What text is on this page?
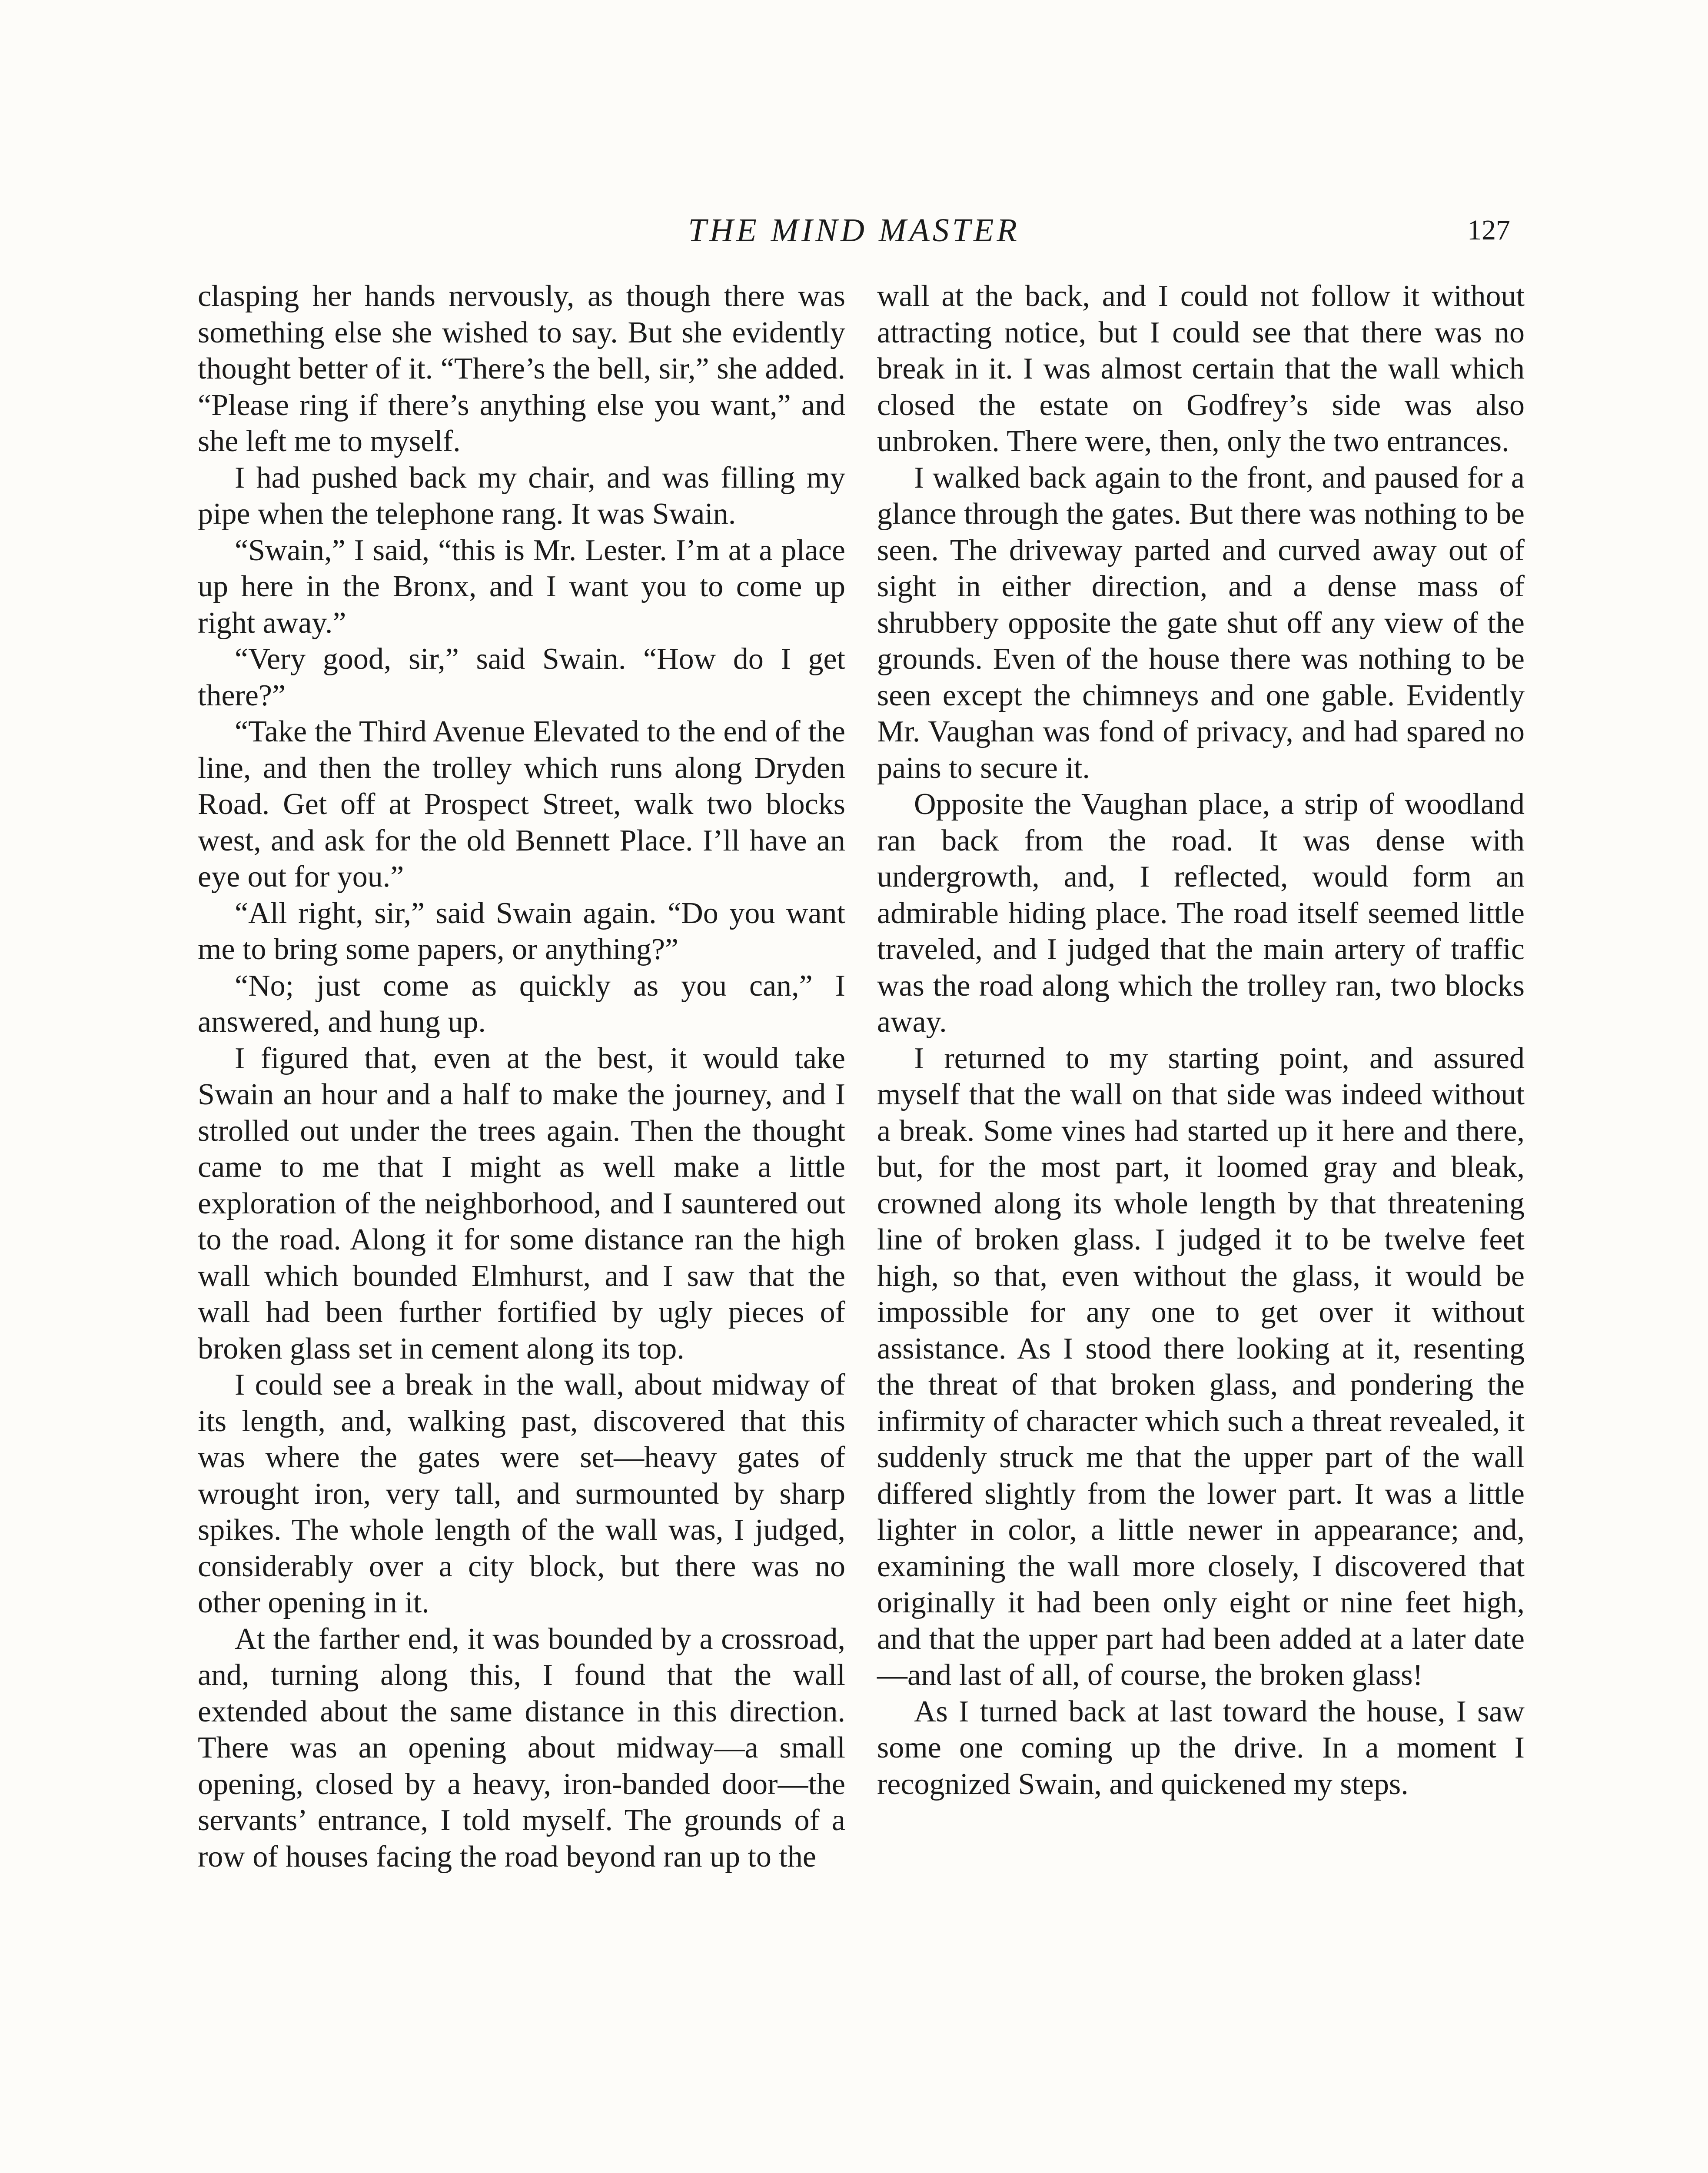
THE MIND MASTER	127

clasping her hands nervously, as though there was something else she wished to say. But she evidently thought better of it. “There’s the bell, sir,” she added. “Please ring if there’s anything else you want,” and she left me to myself.

I had pushed back my chair, and was filling my pipe when the telephone rang. It was Swain.

“Swain,” I said, “this is Mr. Lester. I’m at a place up here in the Bronx, and I want you to come up right away.”

“Very good, sir,” said Swain. “How do I get there?”

“Take the Third Avenue Elevated to the end of the line, and then the trolley which runs along Dryden Road. Get off at Prospect Street, walk two blocks west, and ask for the old Bennett Place. I’ll have an eye out for you.”

“All right, sir,” said Swain again. “Do you want me to bring some papers, or anything?”

“No; just come as quickly as you can,” I answered, and hung up.

I figured that, even at the best, it would take Swain an hour and a half to make the journey, and I strolled out under the trees again. Then the thought came to me that I might as well make a little exploration of the neighborhood, and I sauntered out to the road. Along it for some distance ran the high wall which bounded Elmhurst, and I saw that the wall had been further fortified by ugly pieces of broken glass set in cement along its top.

I could see a break in the wall, about midway of its length, and, walking past, discovered that this was where the gates were set—heavy gates of wrought iron, very tall, and surmounted by sharp spikes. The whole length of the wall was, I judged, considerably over a city block, but there was no other opening in it.

At the farther end, it was bounded by a crossroad, and, turning along this, I found that the wall extended about the same distance in this direction. There was an opening about midway—a small opening, closed by a heavy, iron-banded door—the servants’ entrance, I told myself. The grounds of a row of houses facing the road beyond ran up to the

wall at the back, and I could not follow it without attracting notice, but I could see that there was no break in it. I was almost certain that the wall which closed the estate on Godfrey’s side was also unbroken. There were, then, only the two entrances.

I walked back again to the front, and paused for a glance through the gates. But there was nothing to be seen. The driveway parted and curved away out of sight in either direction, and a dense mass of shrubbery opposite the gate shut off any view of the grounds. Even of the house there was nothing to be seen except the chimneys and one gable. Evidently Mr. Vaughan was fond of privacy, and had spared no pains to secure it.

Opposite the Vaughan place, a strip of woodland ran back from the road. It was dense with undergrowth, and, I reflected, would form an admirable hiding place. The road itself seemed little traveled, and I judged that the main artery of traffic was the road along which the trolley ran, two blocks away.

I returned to my starting point, and assured myself that the wall on that side was indeed without a break. Some vines had started up it here and there, but, for the most part, it loomed gray and bleak, crowned along its whole length by that threatening line of broken glass. I judged it to be twelve feet high, so that, even without the glass, it would be impossible for any one to get over it without assistance. As I stood there looking at it, resenting the threat of that broken glass, and pondering the infirmity of character which such a threat revealed, it suddenly struck me that the upper part of the wall differed slightly from the lower part. It was a little lighter in color, a little newer in appearance; and, examining the wall more closely, I discovered that originally it had been only eight or nine feet high, and that the upper part had been added at a later date—and last of all, of course, the broken glass!

As I turned back at last toward the house, I saw some one coming up the drive. In a moment I recognized Swain, and quickened my steps.
